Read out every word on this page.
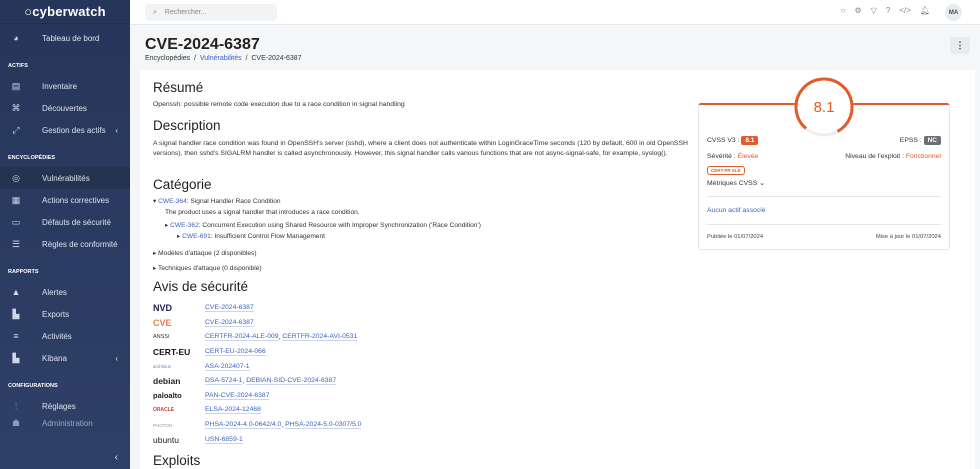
○ cyberwatch
◕	Tableau de bord
ACTIFS
▤	Inventaire
⌘	Découvertes
⤢	Gestion des actifs ‹
ENCYCLOPÉDIES
◎	Vulnérabilités
▦	Actions correctives
▭	Défauts de sécurité
☰	Règles de conformité
RAPPORTS
▲	Alertes
▙	Exports
≡	Activités
▙	Kibana	‹
CONFIGURATIONS
⫶	Réglages
☗	Administration
‹
⌕ Rechercher...	○ ⚙ ▽ ? </> 🔔︎	MA
CVE-2024-6387
Encyclopédies  /  Vulnérabilités  /  CVE-2024-6387
⋮
Résumé
Openssh: possible remote code execution due to a race condition in signal handling
Description
A signal handler race condition was found in OpenSSH's server (sshd), where a client does not authenticate within LoginGraceTime seconds (120 by default, 600 in old OpenSSH versions), then sshd's SIGALRM handler is called asynchronously. However, this signal handler calls various functions that are not async-signal-safe, for example, syslog().
Catégorie
▾ CWE-364: Signal Handler Race Condition
The product uses a signal handler that introduces a race condition.
▸ CWE-362: Concurrent Execution using Shared Resource with Improper Synchronization ('Race Condition')
▸ CWE-691: Insufficient Control Flow Management
▸ Modèles d'attaque (2 disponibles)
▸ Techniques d'attaque (0 disponible)
Avis de sécurité
NVD	CVE-2024-6387
CVE	CVE-2024-6387
ANSSI	CERTFR-2024-ALE-009 , CERTFR-2024-AVI-0531
CERT-EU	CERT-EU-2024-066
archlinux	ASA-202407-1
debian	DSA-5724-1 , DEBIAN-SID-CVE-2024-6387
paloalto	PAN-CVE-2024-6387
ORACLE	ELSA-2024-12468
PHOTON	PHSA-2024-4.0-0642/4.0 , PHSA-2024-5.0-0307/5.0
ubuntu	USN-6859-1
Exploits
8.1
CVSS V3 : 8.1	EPSS : NC
Sévérité : Élevée	Niveau de l'exploit : Fonctionnel
CERT-FR ALE
Métriques CVSS
⌄
Aucun actif associé
Publiée le 01/07/2024	Mise à jour le 01/07/2024
